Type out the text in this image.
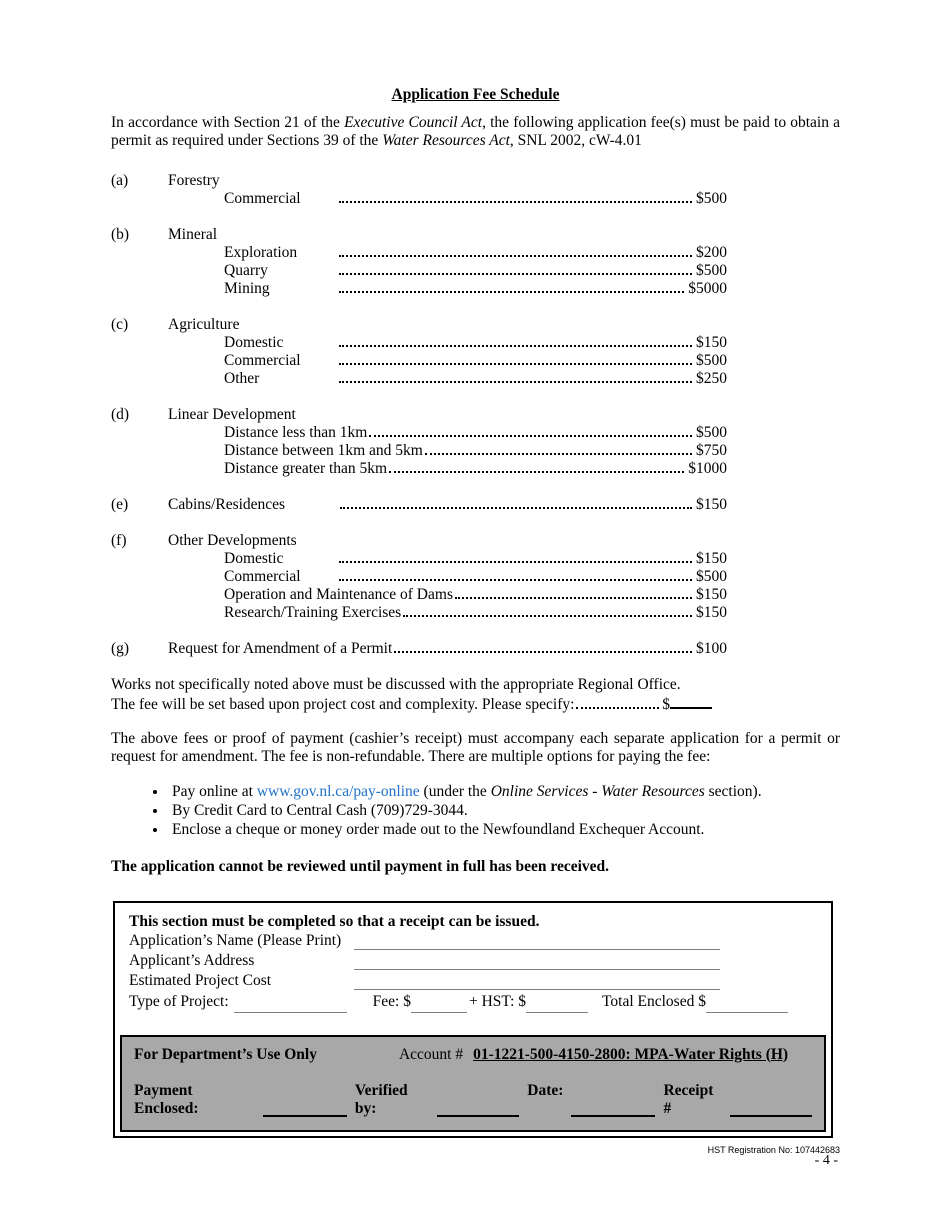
Application Fee Schedule

In accordance with Section 21 of the Executive Council Act, the following application fee(s) must be paid to obtain a permit as required under Sections 39 of the Water Resources Act, SNL 2002, cW-4.01

(a)	Forestry
Commercial	$500
(b)	Mineral
Exploration	$200
Quarry	$500
Mining	$5000
(c)	Agriculture
Domestic	$150
Commercial	$500
Other	$250
(d)	Linear Development
Distance less than 1km	$500
Distance between 1km and 5km	$750
Distance greater than 5km	$1000
(e)	Cabins/Residences	$150
(f)	Other Developments
Domestic	$150
Commercial	$500
Operation and Maintenance of Dams	$150
Research/Training Exercises	$150
(g)	Request for Amendment of a Permit	$100
Works not specifically noted above must be discussed with the appropriate Regional Office.
The fee will be set based upon project cost and complexity. Please specify:	$

The above fees or proof of payment (cashier’s receipt) must accompany each separate application for a permit or request for amendment. The fee is non-refundable. There are multiple options for paying the fee:

• Pay online at www.gov.nl.ca/pay-online (under the Online Services - Water Resources section).
• By Credit Card to Central Cash (709)729-3044.
• Enclose a cheque or money order made out to the Newfoundland Exchequer Account.
The application cannot be reviewed until payment in full has been received.
This section must be completed so that a receipt can be issued.
Application’s Name (Please Print)
Applicant’s Address
Estimated Project Cost
Type of Project:	Fee: $	+ HST: $	Total Enclosed $
For Department’s Use Only	Account # 01-1221-500-4150-2800: MPA-Water Rights (H)
Payment Enclosed:
Verified by:
Date:	Receipt #
HST Registration No: 107442683
- 4 -
